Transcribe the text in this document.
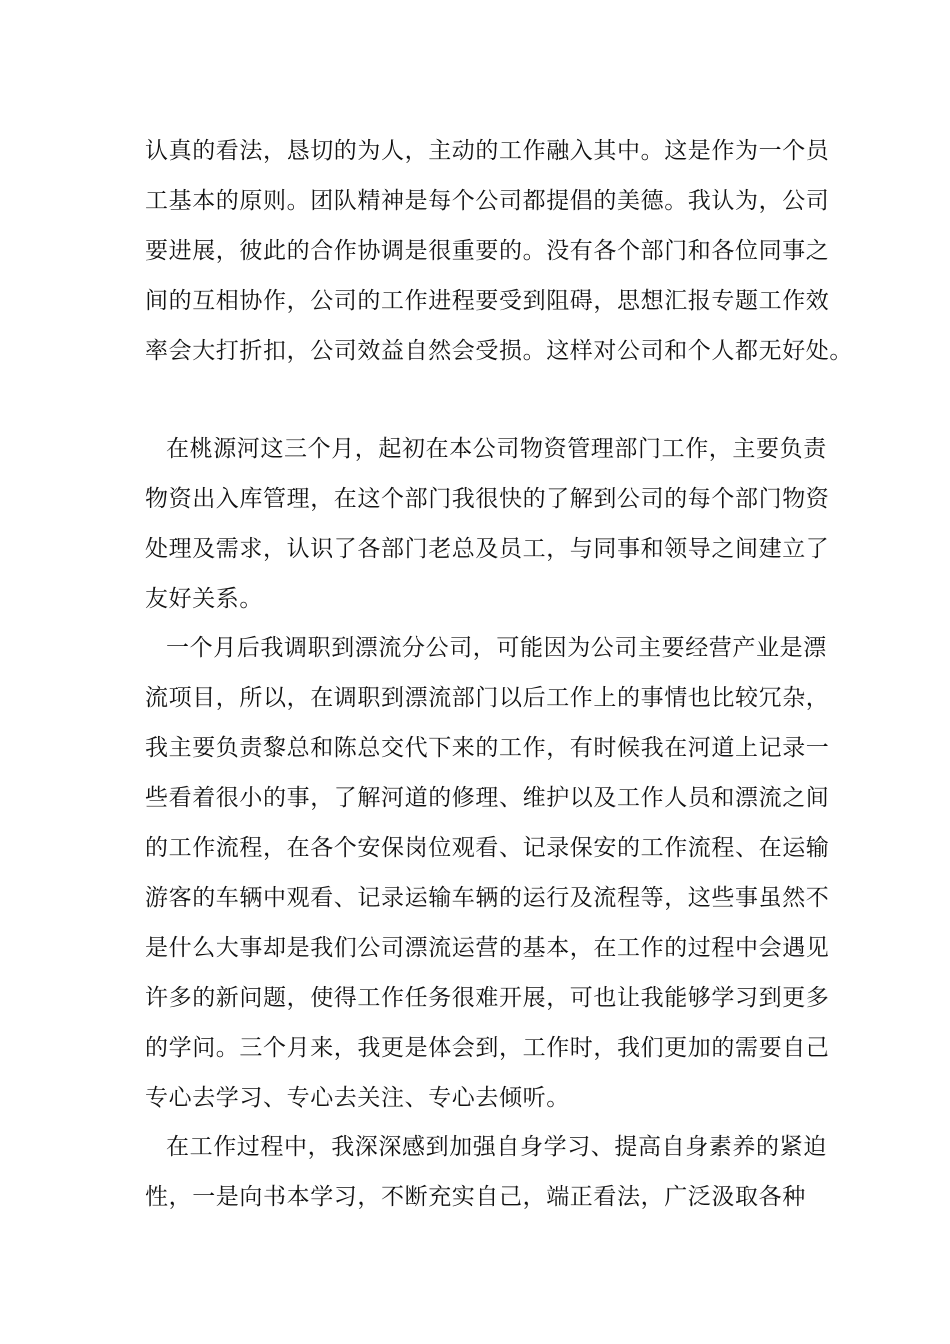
认真的看法，恳切的为人，主动的工作融入其中。这是作为一个员
工基本的原则。团队精神是每个公司都提倡的美德。我认为，公司
要进展，彼此的合作协调是很重要的。没有各个部门和各位同事之
间的互相协作，公司的工作进程要受到阻碍，思想汇报专题工作效
率会大打折扣，公司效益自然会受损。这样对公司和个人都无好处。
在桃源河这三个月，起初在本公司物资管理部门工作，主要负责
物资出入库管理，在这个部门我很快的了解到公司的每个部门物资
处理及需求，认识了各部门老总及员工，与同事和领导之间建立了
友好关系。
一个月后我调职到漂流分公司，可能因为公司主要经营产业是漂
流项目，所以，在调职到漂流部门以后工作上的事情也比较冗杂，
我主要负责黎总和陈总交代下来的工作，有时候我在河道上记录一
些看着很小的事，了解河道的修理、维护以及工作人员和漂流之间
的工作流程，在各个安保岗位观看、记录保安的工作流程、在运输
游客的车辆中观看、记录运输车辆的运行及流程等，这些事虽然不
是什么大事却是我们公司漂流运营的基本，在工作的过程中会遇见
许多的新问题，使得工作任务很难开展，可也让我能够学习到更多
的学问。三个月来，我更是体会到，工作时，我们更加的需要自己
专心去学习、专心去关注、专心去倾听。
在工作过程中，我深深感到加强自身学习、提高自身素养的紧迫
性，一是向书本学习，不断充实自己，端正看法，广泛汲取各种
